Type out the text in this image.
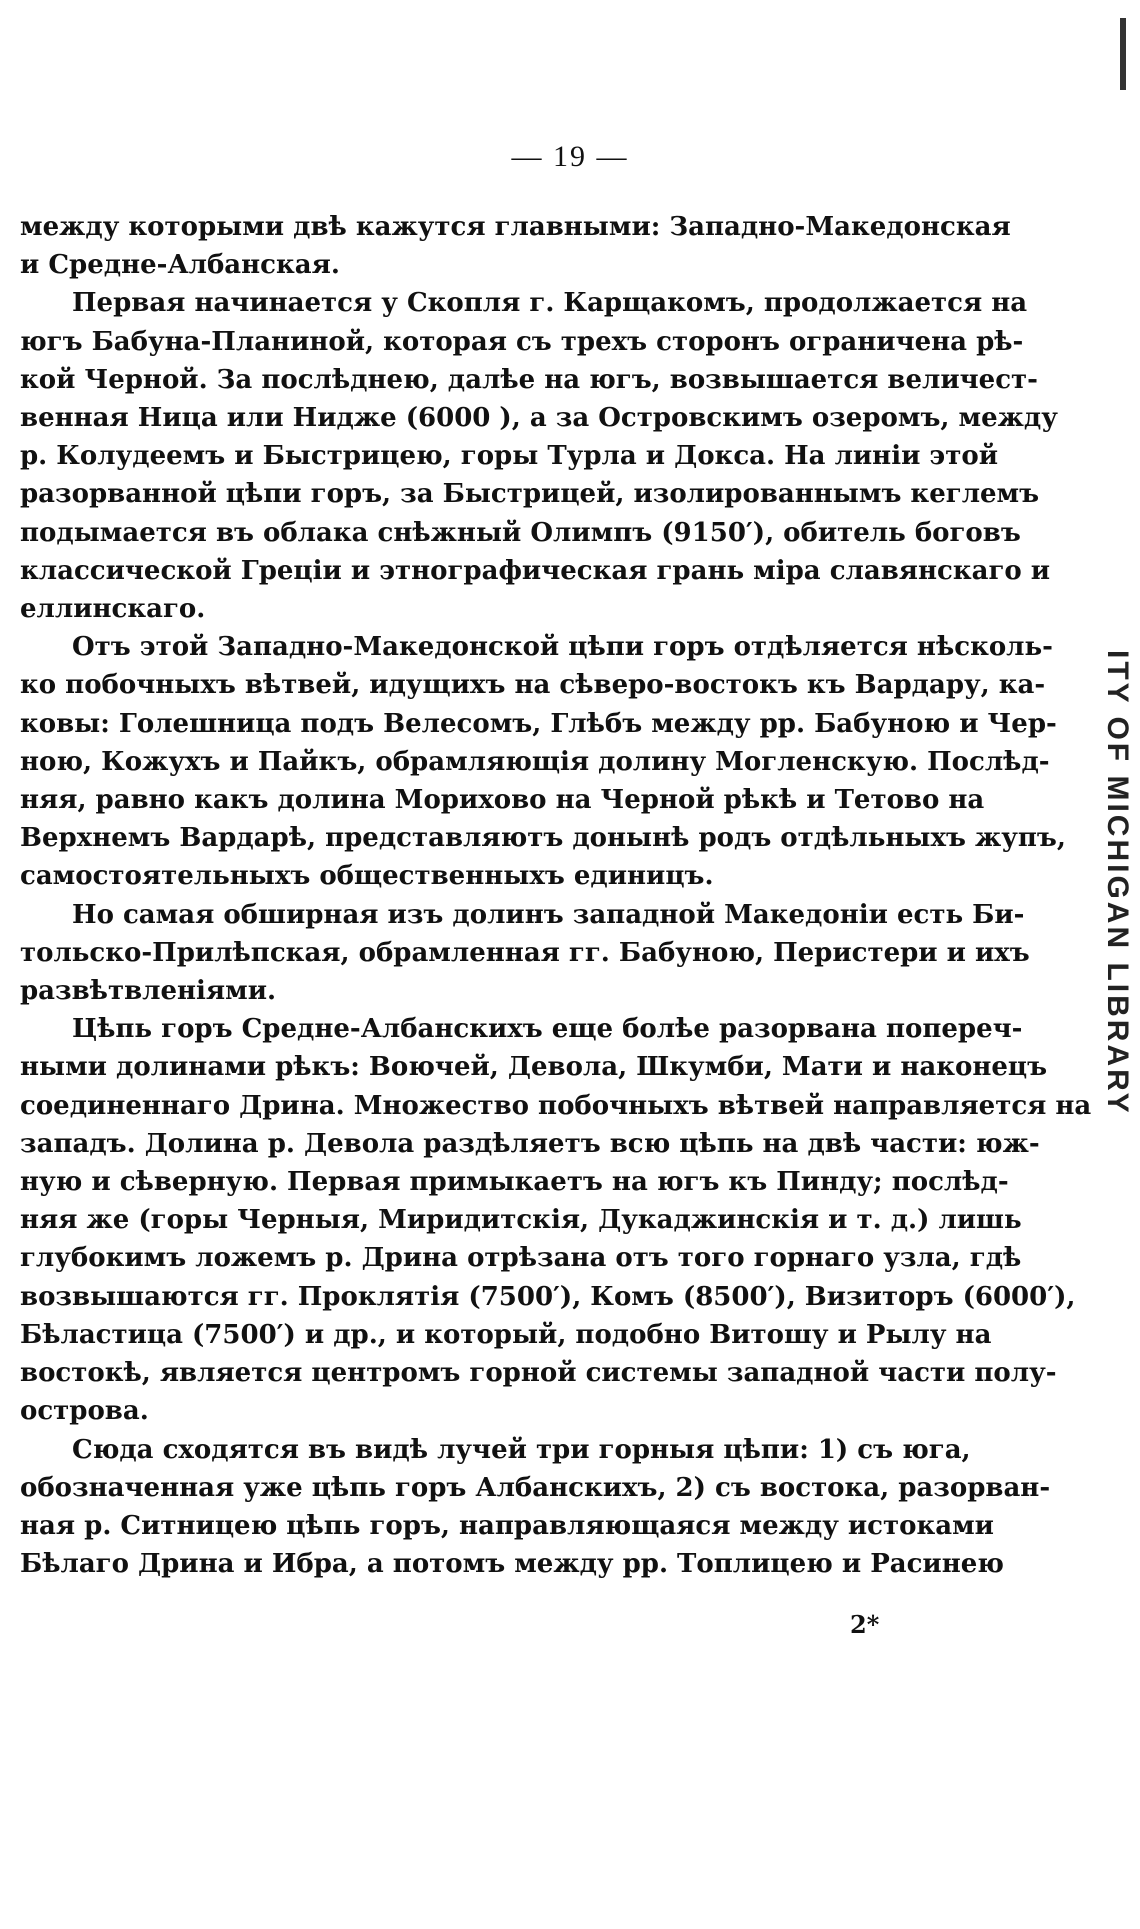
— 19 —
между которыми двѣ кажутся главными: Западно-Македонская
и Средне-Албанская.
Первая начинается у Скопля г. Карщакомъ, продолжается на
югъ Бабуна-Планиной, которая съ трехъ сторонъ ограничена рѣ-
кой Черной. За послѣднею, далѣе на югъ, возвышается величест-
венная Ница или Нидже (6000 ), а за Островскимъ озеромъ, между
р. Колудеемъ и Быстрицею, горы Турла и Докса. На линіи этой
разорванной цѣпи горъ, за Быстрицей, изолированнымъ кеглемъ
подымается въ облака снѣжный Олимпъ (9150′), обитель боговъ
классической Греціи и этнографическая грань міра славянскаго и
еллинскаго.
Отъ этой Западно-Македонской цѣпи горъ отдѣляется нѣсколь-
ко побочныхъ вѣтвей, идущихъ на сѣверо-востокъ къ Вардару, ка-
ковы: Голешница подъ Велесомъ, Глѣбъ между рр. Бабуною и Чер-
ною, Кожухъ и Пайкъ, обрамляющія долину Могленскую. Послѣд-
няя, равно какъ долина Морихово на Черной рѣкѣ и Тетово на
Верхнемъ Вардарѣ, представляютъ донынѣ родъ отдѣльныхъ жупъ,
самостоятельныхъ общественныхъ единицъ.
Но самая обширная изъ долинъ западной Македоніи есть Би-
тольско-Прилѣпская, обрамленная гг. Бабуною, Перистери и ихъ
развѣтвленіями.
Цѣпь горъ Средне-Албанскихъ еще болѣе разорвана попереч-
ными долинами рѣкъ: Воючей, Девола, Шкумби, Мати и наконецъ
соединеннаго Дрина. Множество побочныхъ вѣтвей направляется на
западъ. Долина р. Девола раздѣляетъ всю цѣпь на двѣ части: юж-
ную и сѣверную. Первая примыкаетъ на югъ къ Пинду; послѣд-
няя же (горы Черныя, Миридитскія, Дукаджинскія и т. д.) лишь
глубокимъ ложемъ р. Дрина отрѣзана отъ того горнаго узла, гдѣ
возвышаются гг. Проклятія (7500′), Комъ (8500′), Визиторъ (6000′),
Бѣластица (7500′) и др., и который, подобно Витошу и Рылу на
востокѣ, является центромъ горной системы западной части полу-
острова.
Сюда сходятся въ видѣ лучей три горныя цѣпи: 1) съ юга,
обозначенная уже цѣпь горъ Албанскихъ, 2) съ востока, разорван-
ная р. Ситницею цѣпь горъ, направляющаяся между истоками
Бѣлаго Дрина и Ибра, а потомъ между рр. Топлицею и Расинею
2*
ITY OF MICHIGAN LIBRARY
